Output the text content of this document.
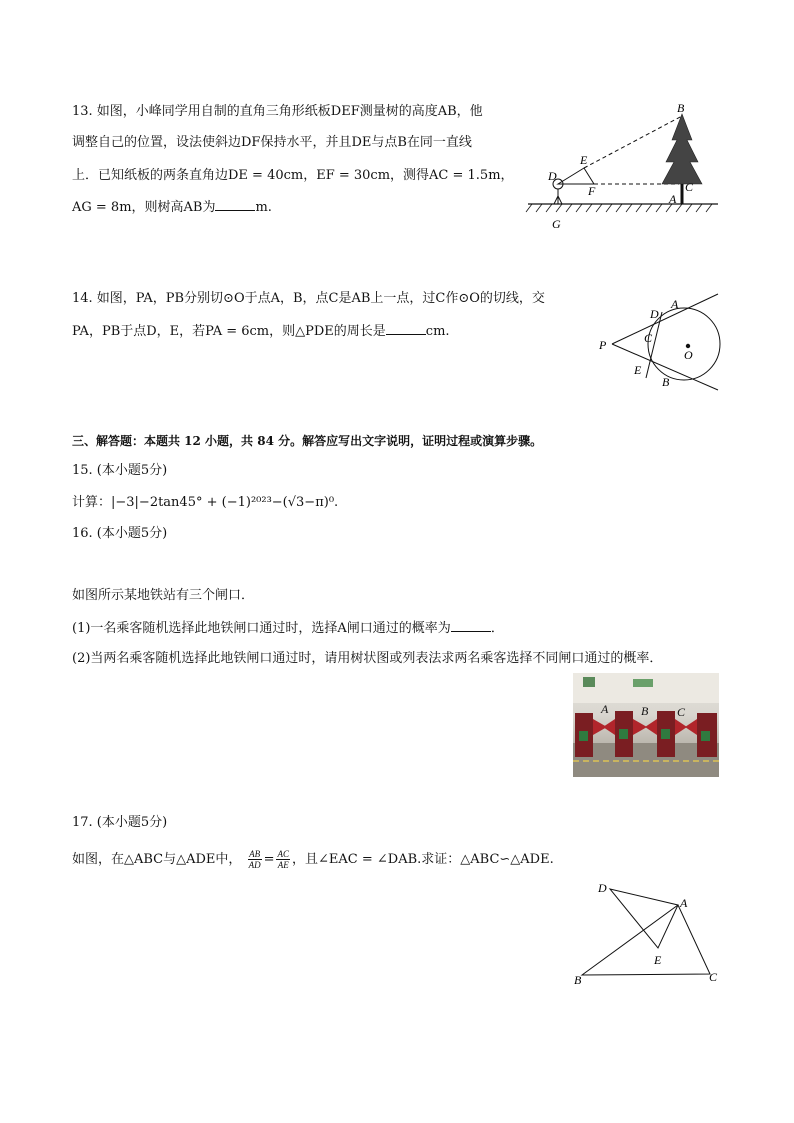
13. 如图，小峰同学用自制的直角三角形纸板DEF测量树的高度AB，他
调整自己的位置，设法使斜边DF保持水平，并且DE与点B在同一直线
上．已知纸板的两条直角边DE = 40cm，EF = 30cm，测得AC = 1.5m，
AG = 8m，则树高AB为	m.
B
E
D
F	C
A
G
14. 如图，PA，PB分别切⊙O于点A，B，点C是AB上一点，过C作⊙O的切线，交
PA，PB于点D，E，若PA = 6cm，则△PDE的周长是	cm.
P
D
A
C
O
E
B
三、解答题：本题共 12 小题，共 84 分。解答应写出文字说明，证明过程或演算步骤。
15. (本小题5分)
计算：|−3|−2tan45° + (−1)²⁰²³−(√3−π)⁰.
16. (本小题5分)
如图所示某地铁站有三个闸口．
(1)一名乘客随机选择此地铁闸口通过时，选择A闸口通过的概率为	．
(2)当两名乘客随机选择此地铁闸口通过时，请用树状图或列表法求两名乘客选择不同闸口通过的概率．
A	B C
17. (本小题5分)
如图，在△ABC与△ADE中， $\frac{AB}{AD} = \frac{AC}{AE}$ ，且∠EAC = ∠DAB.求证：△ABC∽△ADE.
D
A
E
B	C
